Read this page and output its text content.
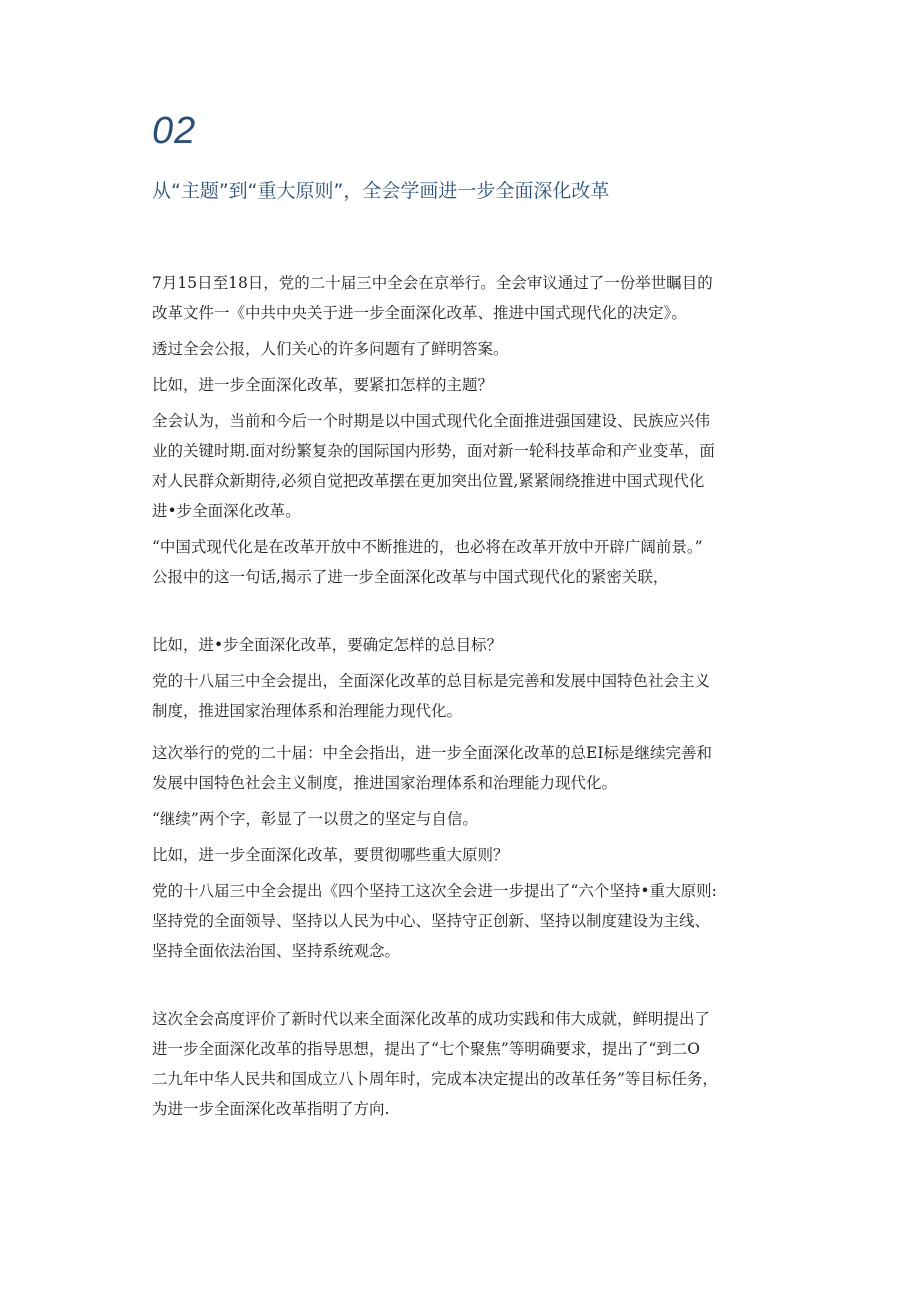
02
从“主题”到“重大原则”，全会学画进一步全面深化改革

7月15日至18日，党的二十届三中全会在京举行。全会审议通过了一份举世瞩目的
改革文件一《中共中央关于进一步全面深化改革、推进中国式现代化的决定》。

透过全会公报，人们关心的许多问题有了鲜明答案。

比如，进一步全面深化改革，要紧扣怎样的主题？

全会认为，当前和今后一个时期是以中国式现代化全面推进强国建设、民族应兴伟
业的关键时期.面对纷繁复杂的国际国内形势，面对新一轮科技革命和产业变革，面
对人民群众新期待,必须自觉把改革摆在更加突出位置,紧紧闹绕推进中国式现代化
进•步全面深化改革。

“中国式现代化是在改革开放中不断推进的，也必将在改革开放中开辟广阔前景。”
公报中的这一句话,揭示了进一步全面深化改革与中国式现代化的紧密关联，

比如，进•步全面深化改革，要确定怎样的总目标？

党的十八届三中全会提出，全面深化改革的总目标是完善和发展中国特色社会主义
制度，推进国家治理体系和治理能力现代化。

这次举行的党的二十届：中全会指出，进一步全面深化改革的总EI标是继续完善和
发展中国特色社会主义制度，推进国家治理体系和治理能力现代化。

“继续”两个字，彰显了一以贯之的坚定与自信。

比如，进一步全面深化改革，要贯彻哪些重大原则？

党的十八届三中全会提出《四个坚持工这次全会进一步提出了“六个坚持•重大原则:
坚持党的全面领导、坚持以人民为中心、坚持守正创新、坚持以制度建设为主线、
坚持全面依法治国、坚持系统观念。

这次全会高度评价了新时代以来全面深化改革的成功实践和伟大成就，鲜明提出了
进一步全面深化改革的指导思想，提出了“七个聚焦”等明确要求，提出了“到二O
二九年中华人民共和国成立八卜周年时，完成本决定提出的改革任务”等目标任务，
为进一步全面深化改革指明了方向.
